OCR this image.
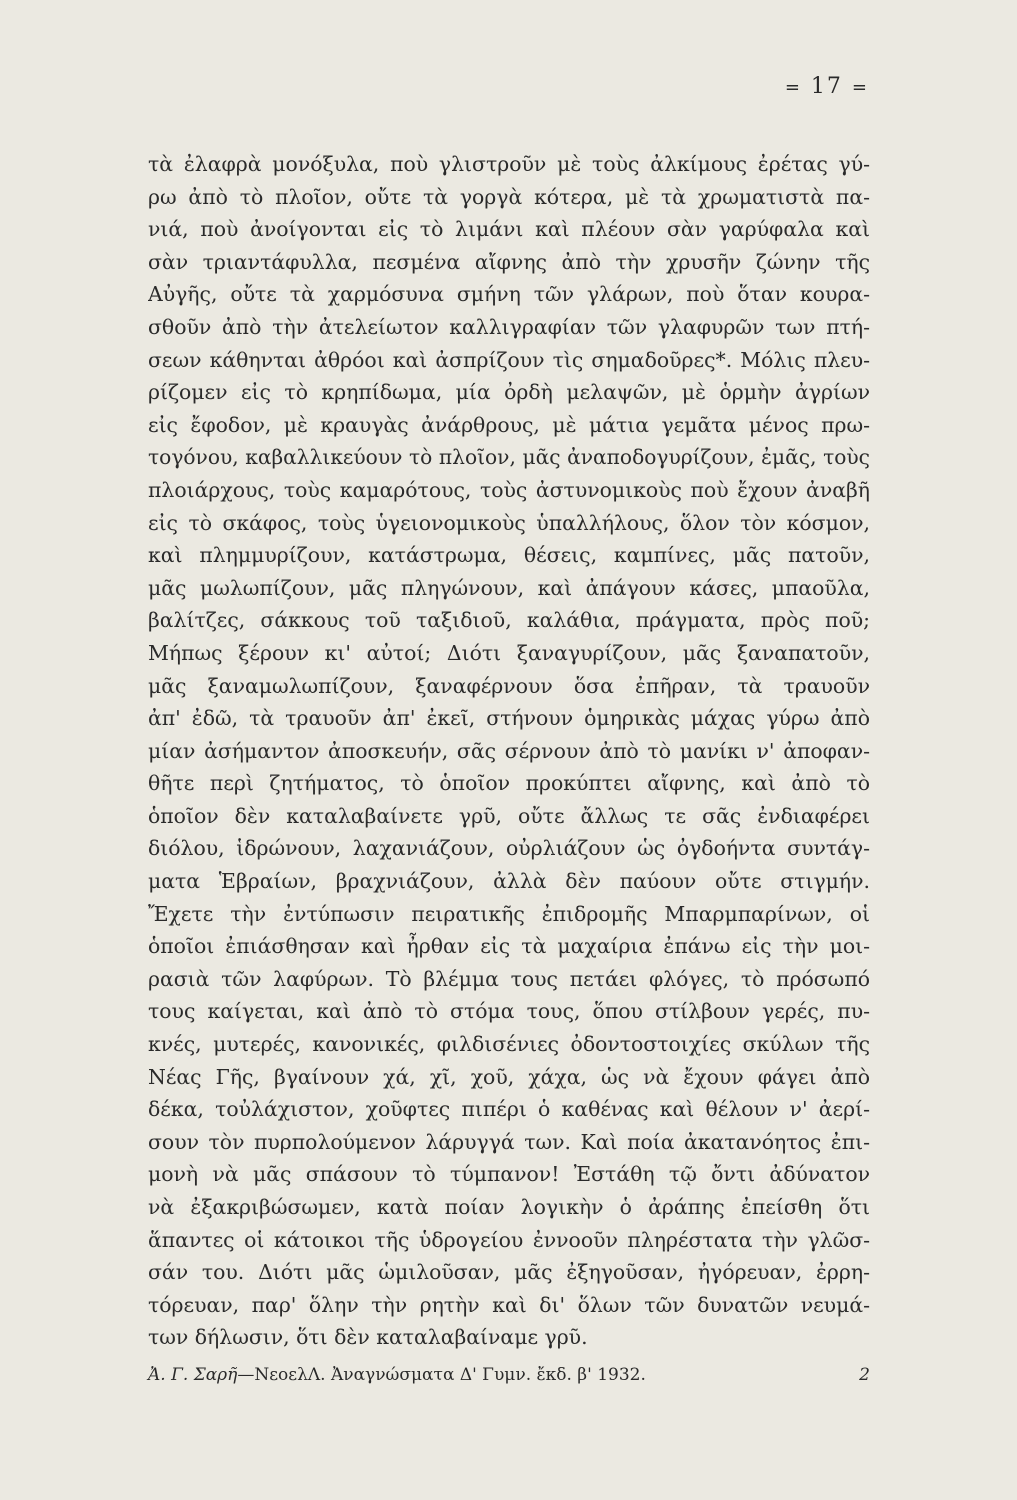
= 17 =
τὰ ἐλαφρὰ μονόξυλα, ποὺ γλιστροῦν μὲ τοὺς ἀλκίμους ἐρέτας γύ-
ρω ἀπὸ τὸ πλοῖον, οὔτε τὰ γοργὰ κότερα, μὲ τὰ χρωματιστὰ πα-
νιά, ποὺ ἀνοίγονται εἰς τὸ λιμάνι καὶ πλέουν σὰν γαρύφαλα καὶ
σὰν τριαντάφυλλα, πεσμένα αἴφνης ἀπὸ τὴν χρυσῆν ζώνην τῆς
Αὐγῆς, οὔτε τὰ χαρμόσυνα σμήνη τῶν γλάρων, ποὺ ὅταν κουρα-
σθοῦν ἀπὸ τὴν ἀτελείωτον καλλιγραφίαν τῶν γλαφυρῶν των πτή-
σεων κάθηνται ἀθρόοι καὶ ἀσπρίζουν τὶς σημαδοῦρες*. Μόλις πλευ-
ρίζομεν εἰς τὸ κρηπίδωμα, μία ὀρδὴ μελαψῶν, μὲ ὁρμὴν ἀγρίων
εἰς ἔφοδον, μὲ κραυγὰς ἀνάρθρους, μὲ μάτια γεμᾶτα μένος πρω-
τογόνου, καβαλλικεύουν τὸ πλοῖον, μᾶς ἀναποδογυρίζουν, ἐμᾶς, τοὺς
πλοιάρχους, τοὺς καμαρότους, τοὺς ἀστυνομικοὺς ποὺ ἔχουν ἀναβῆ
εἰς τὸ σκάφος, τοὺς ὑγειονομικοὺς ὑπαλλήλους, ὅλον τὸν κόσμον,
καὶ πλημμυρίζουν, κατάστρωμα, θέσεις, καμπίνες, μᾶς πατοῦν,
μᾶς μωλωπίζουν, μᾶς πληγώνουν, καὶ ἀπάγουν κάσες, μπαοῦλα,
βαλίτζες, σάκκους τοῦ ταξιδιοῦ, καλάθια, πράγματα, πρὸς ποῦ;
Μήπως ξέρουν κι' αὐτοί; Διότι ξαναγυρίζουν, μᾶς ξαναπατοῦν,
μᾶς ξαναμωλωπίζουν, ξαναφέρνουν ὅσα ἐπῆραν, τὰ τραυοῦν
ἀπ' ἐδῶ, τὰ τραυοῦν ἀπ' ἐκεῖ, στήνουν ὁμηρικὰς μάχας γύρω ἀπὸ
μίαν ἀσήμαντον ἀποσκευήν, σᾶς σέρνουν ἀπὸ τὸ μανίκι ν' ἀποφαν-
θῆτε περὶ ζητήματος, τὸ ὁποῖον προκύπτει αἴφνης, καὶ ἀπὸ τὸ
ὁποῖον δὲν καταλαβαίνετε γρῦ, οὔτε ἄλλως τε σᾶς ἐνδιαφέρει
διόλου, ἱδρώνουν, λαχανιάζουν, οὐρλιάζουν ὡς ὀγδοήντα συντάγ-
ματα Ἑβραίων, βραχνιάζουν, ἀλλὰ δὲν παύουν οὔτε στιγμήν.
Ἔχετε τὴν ἐντύπωσιν πειρατικῆς ἐπιδρομῆς Μπαρμπαρίνων, οἱ
ὁποῖοι ἐπιάσθησαν καὶ ἦρθαν εἰς τὰ μαχαίρια ἐπάνω εἰς τὴν μοι-
ρασιὰ τῶν λαφύρων. Τὸ βλέμμα τους πετάει φλόγες, τὸ πρόσωπό
τους καίγεται, καὶ ἀπὸ τὸ στόμα τους, ὅπου στίλβουν γερές, πυ-
κνές, μυτερές, κανονικές, φιλδισένιες ὀδοντοστοιχίες σκύλων τῆς
Νέας Γῆς, βγαίνουν χά, χῖ, χοῦ, χάχα, ὡς νὰ ἔχουν φάγει ἀπὸ
δέκα, τοὐλάχιστον, χοῦφτες πιπέρι ὁ καθένας καὶ θέλουν ν' ἀερί-
σουν τὸν πυρπολούμενον λάρυγγά των. Καὶ ποία ἀκατανόητος ἐπι-
μονὴ νὰ μᾶς σπάσουν τὸ τύμπανον! Ἐστάθη τῷ ὄντι ἀδύνατον
νὰ ἐξακριβώσωμεν, κατὰ ποίαν λογικὴν ὁ ἀράπης ἐπείσθη ὅτι
ἅπαντες οἱ κάτοικοι τῆς ὑδρογείου ἐννοοῦν πληρέστατα τὴν γλῶσ-
σάν του. Διότι μᾶς ὡμιλοῦσαν, μᾶς ἐξηγοῦσαν, ἠγόρευαν, ἐρρη-
τόρευαν, παρ' ὅλην τὴν ρητὴν καὶ δι' ὅλων τῶν δυνατῶν νευμά-
των δήλωσιν, ὅτι δὲν καταλαβαίναμε γρῦ.
Ἀ. Γ. Σαρῆ—ΝεοελΛ. Ἀναγνώσματα Δ' Γυμν. ἔκδ. β' 1932.	2
